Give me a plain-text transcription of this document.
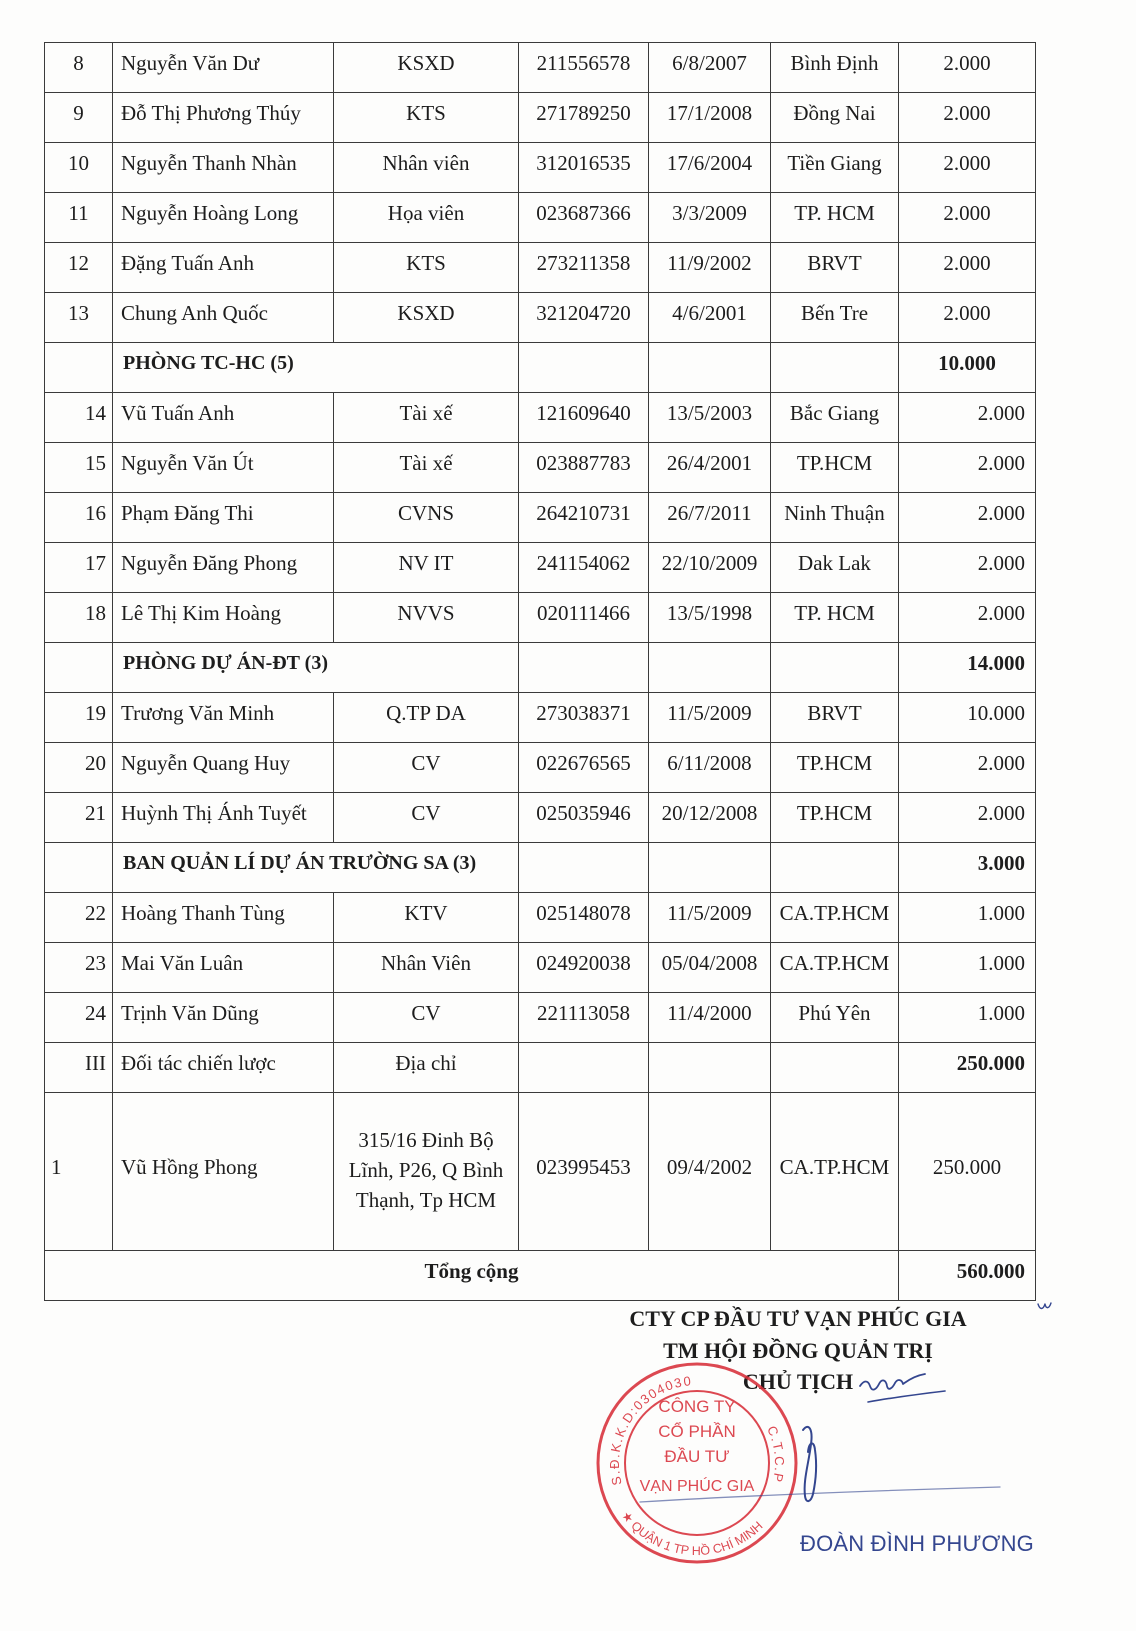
8	Nguyễn Văn Dư	KSXD	211556578	6/8/2007	Bình Định	2.000
9	Đỗ Thị Phương Thúy	KTS	271789250	17/1/2008	Đồng Nai	2.000
10	Nguyễn Thanh Nhàn	Nhân viên	312016535	17/6/2004	Tiền Giang	2.000
11	Nguyễn Hoàng Long	Họa viên	023687366	3/3/2009	TP. HCM	2.000
12	Đặng Tuấn Anh	KTS	273211358	11/9/2002	BRVT	2.000
13	Chung Anh Quốc	KSXD	321204720	4/6/2001	Bến Tre	2.000
	PHÒNG TC-HC (5)					10.000
14	Vũ Tuấn Anh	Tài xế	121609640	13/5/2003	Bắc Giang	2.000
15	Nguyễn Văn Út	Tài xế	023887783	26/4/2001	TP.HCM	2.000
16	Phạm Đăng Thi	CVNS	264210731	26/7/2011	Ninh Thuận	2.000
17	Nguyễn Đăng Phong	NV IT	241154062	22/10/2009	Dak Lak	2.000
18	Lê Thị Kim Hoàng	NVVS	020111466	13/5/1998	TP. HCM	2.000
	PHÒNG DỰ ÁN-ĐT (3)					14.000
19	Trương Văn Minh	Q.TP DA	273038371	11/5/2009	BRVT	10.000
20	Nguyễn Quang Huy	CV	022676565	6/11/2008	TP.HCM	2.000
21	Huỳnh Thị Ánh Tuyết	CV	025035946	20/12/2008	TP.HCM	2.000
	BAN QUẢN LÍ DỰ ÁN TRƯỜNG SA (3)					3.000
22	Hoàng Thanh Tùng	KTV	025148078	11/5/2009	CA.TP.HCM	1.000
23	Mai Văn Luân	Nhân Viên	024920038	05/04/2008	CA.TP.HCM	1.000
24	Trịnh Văn Dũng	CV	221113058	11/4/2000	Phú Yên	1.000
III	Đối tác chiến lược	Địa chỉ				250.000
1	Vũ Hồng Phong	315/16 Đinh Bộ
Lĩnh, P26, Q Bình
Thạnh, Tp HCM	023995453	09/4/2002	CA.TP.HCM	250.000
Tổng cộng						560.000
CTY CP ĐẦU TƯ VẠN PHÚC GIA
TM HỘI ĐỒNG QUẢN TRỊ
CHỦ TỊCH
S.Đ.K.K.D:0304030
C.T.C.P
★ QUẬN 1 TP HỒ CHÍ MINH
CÔNG TY
CỔ PHẦN
ĐẦU TƯ
VẠN PHÚC GIA
ĐOÀN ĐÌNH PHƯƠNG
